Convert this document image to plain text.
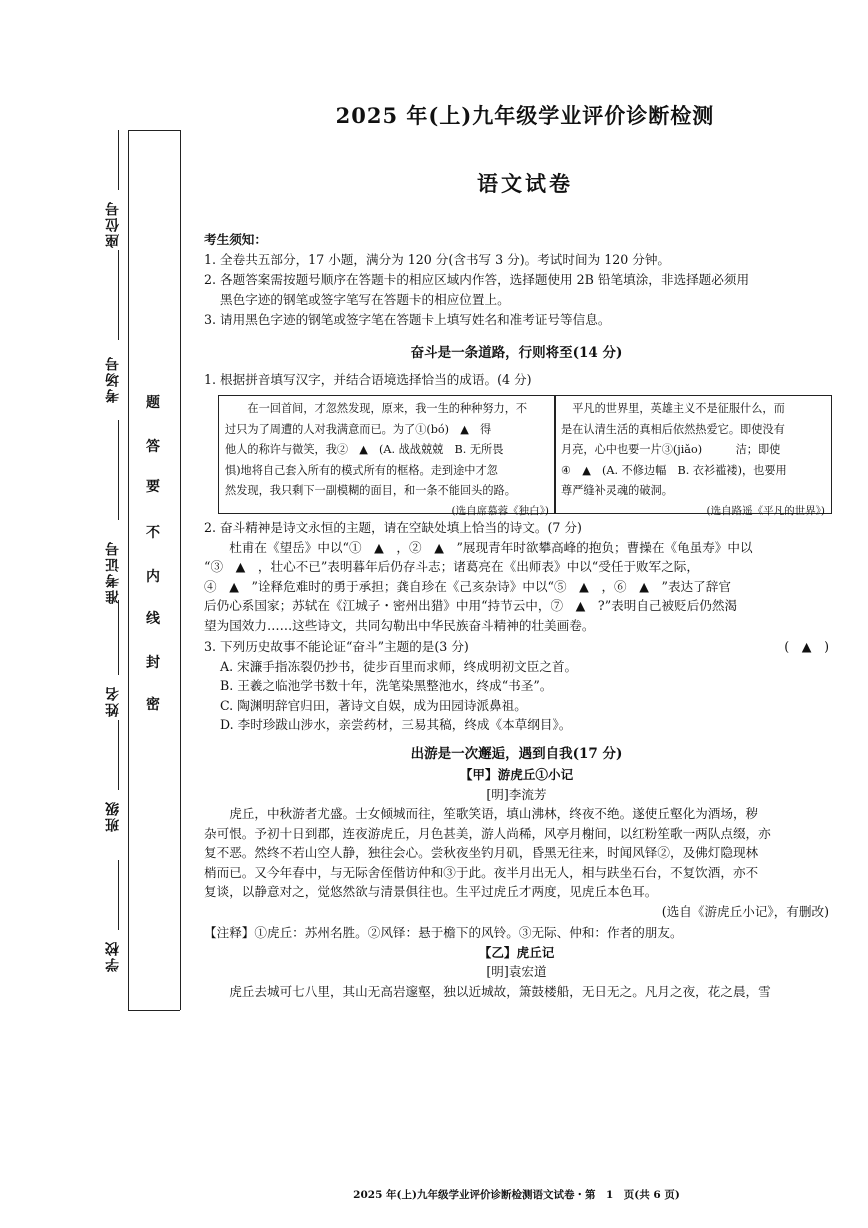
座位号
考场号
准考证号
姓名
班级
学校
题
答
要
不
内
线
封
密
2025 年(上)九年级学业评价诊断检测
语文试卷
考生须知：
1. 全卷共五部分，17 小题，满分为 120 分(含书写 3 分)。考试时间为 120 分钟。
2. 各题答案需按题号顺序在答题卡的相应区域内作答，选择题使用 2B 铅笔填涂，非选择题必须用
黑色字迹的钢笔或签字笔写在答题卡的相应位置上。
3. 请用黑色字迹的钢笔或签字笔在答题卡上填写姓名和准考证号等信息。
奋斗是一条道路，行则将至(14 分)
1. 根据拼音填写汉字，并结合语境选择恰当的成语。(4 分)
在一回首间，才忽然发现，原来，我一生的种种努力，不
过只为了周遭的人对我满意而已。为了①(bó)　▲　得
他人的称许与微笑，我②　▲　(A. 战战兢兢　B. 无所畏
惧)地将自己套入所有的模式所有的框格。走到途中才忽
然发现，我只剩下一副模糊的面目，和一条不能回头的路。
(选自席慕蓉《独白》)
平凡的世界里，英雄主义不是征服什么，而
是在认清生活的真相后依然热爱它。即使没有
月亮，心中也要一片③(jiǎo)　　　洁；即使
④　▲　(A. 不修边幅　B. 衣衫褴褛)，也要用
尊严缝补灵魂的破洞。
(选自路遥《平凡的世界》)
2. 奋斗精神是诗文永恒的主题，请在空缺处填上恰当的诗文。(7 分)
杜甫在《望岳》中以“①　▲　，②　▲　”展现青年时欲攀高峰的抱负；曹操在《龟虽寿》中以
“③　▲　，壮心不已”表明暮年后仍存斗志；诸葛亮在《出师表》中以“受任于败军之际，
④　▲　”诠释危难时的勇于承担；龚自珍在《己亥杂诗》中以“⑤　▲　，⑥　▲　”表达了辞官
后仍心系国家；苏轼在《江城子・密州出猎》中用“持节云中，⑦　▲　?”表明自己被贬后仍然渴
望为国效力……这些诗文，共同勾勒出中华民族奋斗精神的壮美画卷。
3. 下列历史故事不能论证“奋斗”主题的是(3 分)	(　▲　)
A. 宋濂手指冻裂仍抄书，徒步百里而求师，终成明初文臣之首。
B. 王羲之临池学书数十年，洗笔染黑整池水，终成“书圣”。
C. 陶渊明辞官归田，著诗文自娱，成为田园诗派鼻祖。
D. 李时珍跋山涉水，亲尝药材，三易其稿，终成《本草纲目》。
出游是一次邂逅，遇到自我(17 分)
【甲】游虎丘①小记
[明]李流芳
虎丘，中秋游者尤盛。士女倾城而往，笙歌笑语，填山沸林，终夜不绝。遂使丘壑化为酒场，秽
杂可恨。予初十日到郡，连夜游虎丘，月色甚美，游人尚稀，风亭月榭间，以红粉笙歌一两队点缀，亦
复不恶。然终不若山空人静，独往会心。尝秋夜坐钓月矶，昏黑无往来，时闻风铎②，及佛灯隐现林
梢而已。又今年春中，与无际舍侄偕访仲和③于此。夜半月出无人，相与趺坐石台，不复饮酒，亦不
复谈，以静意对之，觉悠然欲与清景俱往也。生平过虎丘才两度，见虎丘本色耳。
(选自《游虎丘小记》，有删改)
【注释】①虎丘：苏州名胜。②风铎：悬于檐下的风铃。③无际、仲和：作者的朋友。
【乙】虎丘记
[明]袁宏道
虎丘去城可七八里，其山无高岩邃壑，独以近城故，箫鼓楼船，无日无之。凡月之夜，花之晨，雪
2025 年(上)九年级学业评价诊断检测语文试卷・第　1　页(共 6 页)
